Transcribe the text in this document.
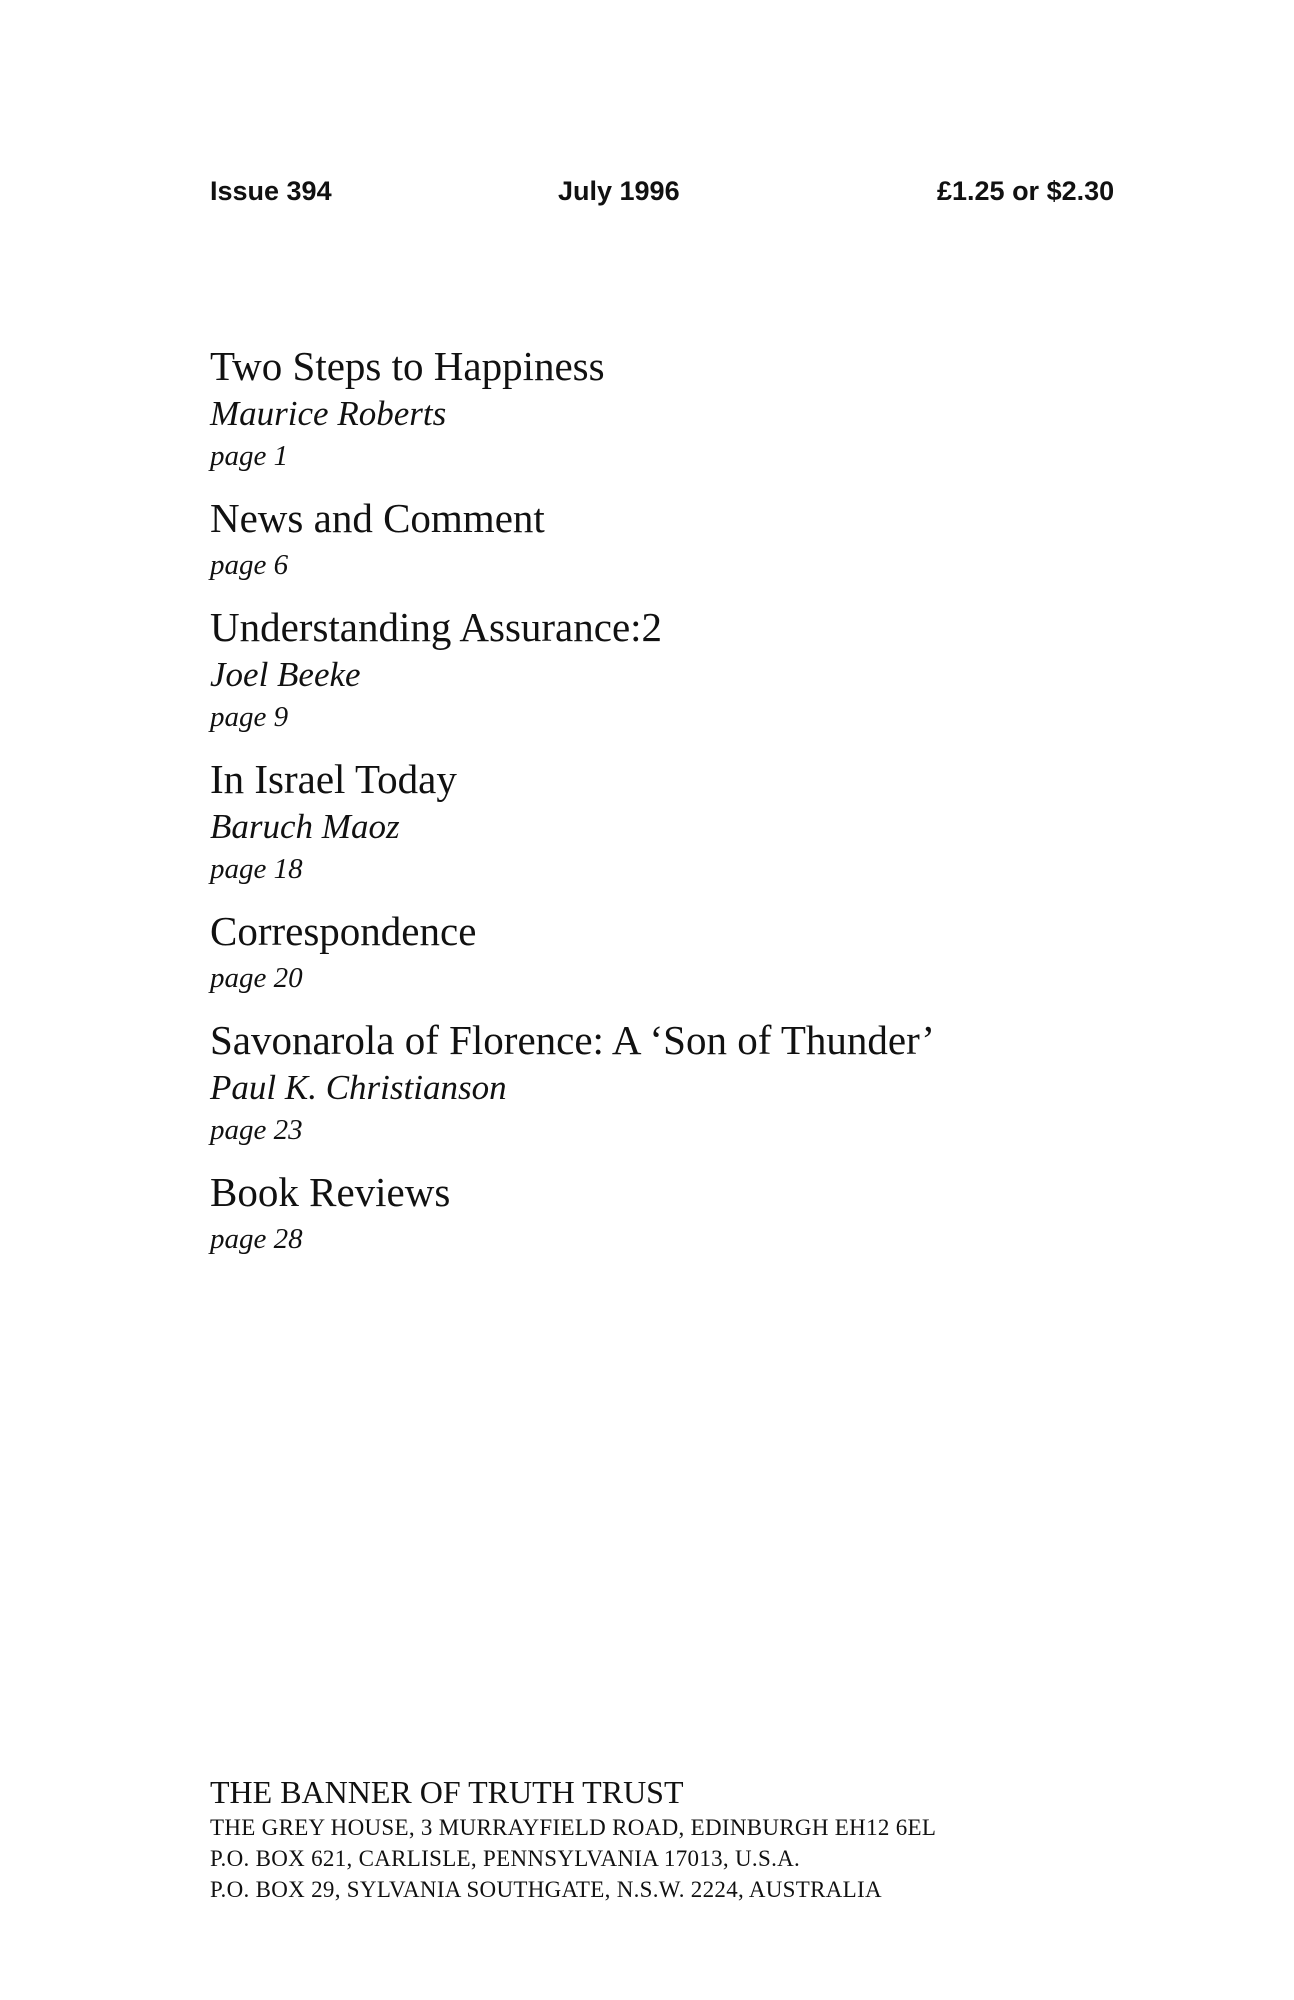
Issue 394	July 1996	£1.25 or $2.30
Two Steps to Happiness
Maurice Roberts
page 1
News and Comment
page 6
Understanding Assurance:2
Joel Beeke
page 9
In Israel Today
Baruch Maoz
page 18
Correspondence
page 20
Savonarola of Florence: A ‘Son of Thunder’
Paul K. Christianson
page 23
Book Reviews
page 28
THE BANNER OF TRUTH TRUST
THE GREY HOUSE, 3 MURRAYFIELD ROAD, EDINBURGH EH12 6EL
P.O. BOX 621, CARLISLE, PENNSYLVANIA 17013, U.S.A.
P.O. BOX 29, SYLVANIA SOUTHGATE, N.S.W. 2224, AUSTRALIA
